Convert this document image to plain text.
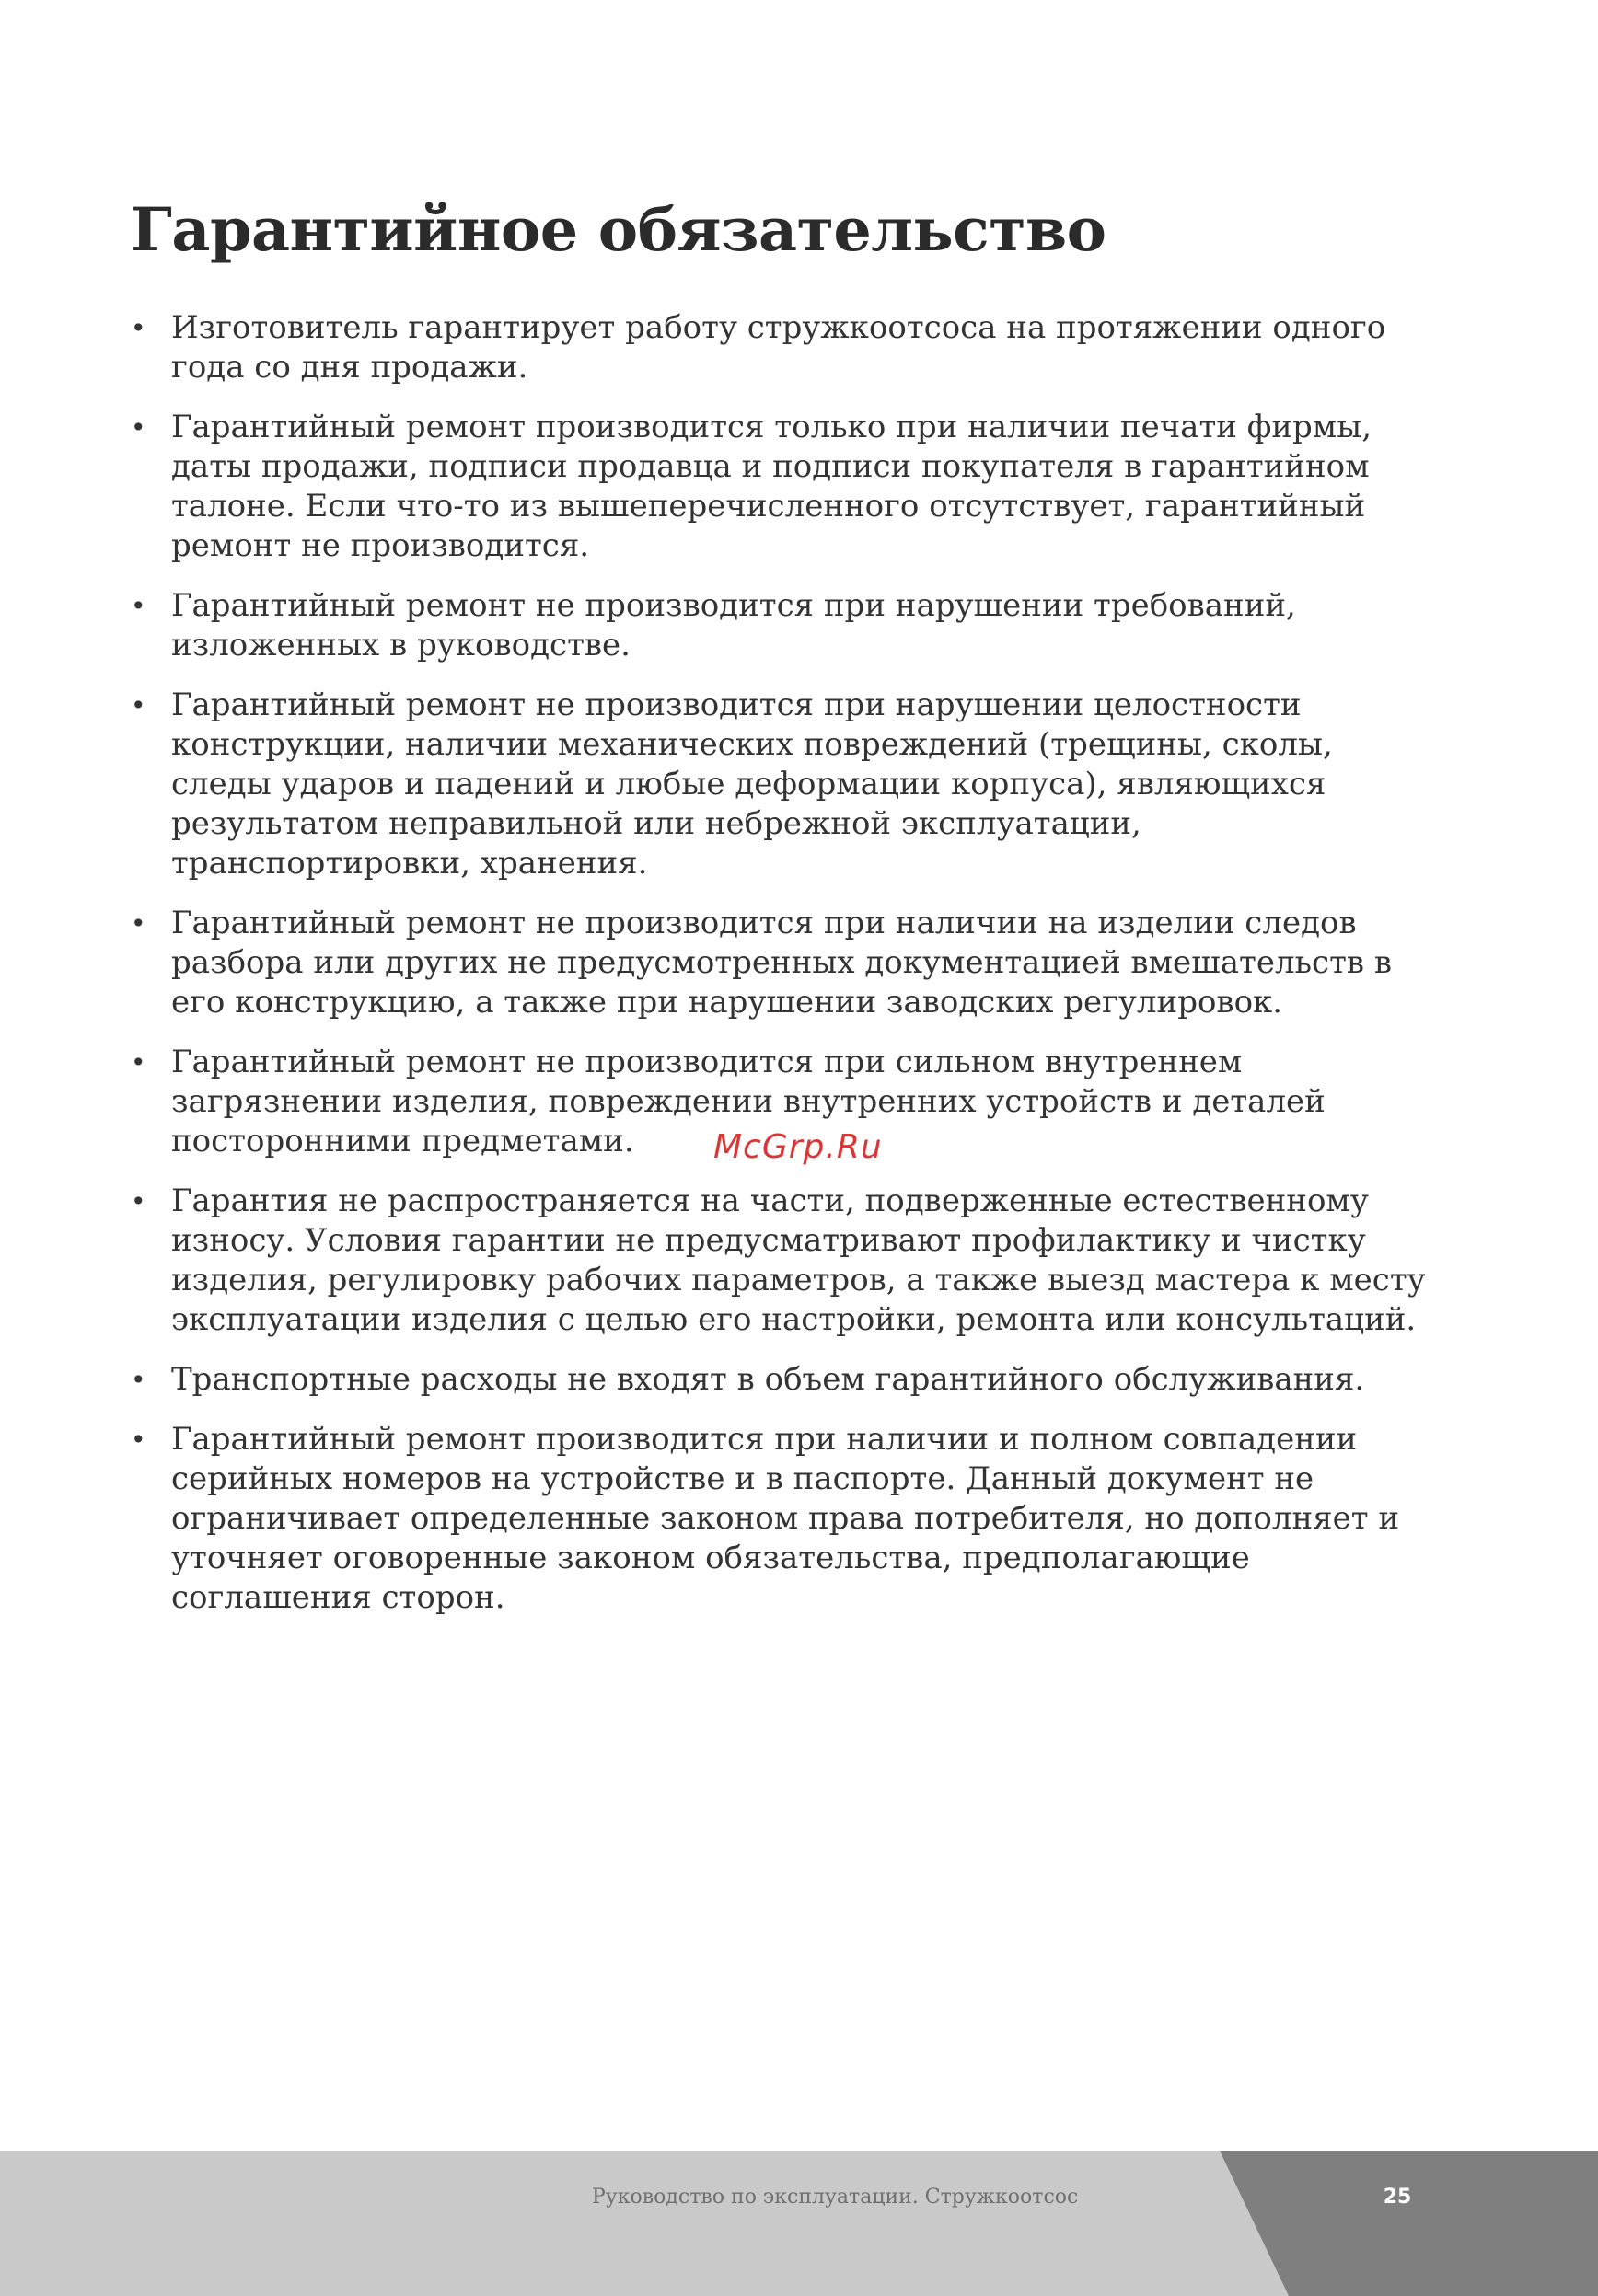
Гарантийное обязательство
• Изготовитель гарантирует работу стружкоотсоса на протяжении одного года со дня продажи.
• Гарантийный ремонт производится только при наличии печати фирмы, даты продажи, подписи продавца и подписи покупателя в гарантийном талоне. Если что-то из вышеперечисленного отсутствует, гарантийный ремонт не производится.
• Гарантийный ремонт не производится при нарушении требований, изложенных в руководстве.
• Гарантийный ремонт не производится при нарушении целостности конструкции, наличии механических повреждений (трещины, сколы, следы ударов и падений и любые деформации корпуса), являющихся результатом неправильной или небрежной эксплуатации, транспортировки, хранения.
• Гарантийный ремонт не производится при наличии на изделии следов разбора или других не предусмотренных документацией вмешательств в его конструкцию, а также при нарушении заводских регулировок.
• Гарантийный ремонт не производится при сильном внутреннем загрязнении изделия, повреждении внутренних устройств и деталей посторонними предметами.
• Гарантия не распространяется на части, подверженные естественному износу. Условия гарантии не предусматривают профилактику и чистку изделия, регулировку рабочих параметров, а также выезд мастера к месту эксплуатации изделия с целью его настройки, ремонта или консультаций.
• Транспортные расходы не входят в объем гарантийного обслуживания.
• Гарантийный ремонт производится при наличии и полном совпадении серийных номеров на устройстве и в паспорте. Данный документ не ограничивает определенные законом права потребителя, но дополняет и уточняет оговоренные законом обязательства, предполагающие соглашения сторон.
McGrp.Ru
Руководство по эксплуатации. Стружкоотсос	25
